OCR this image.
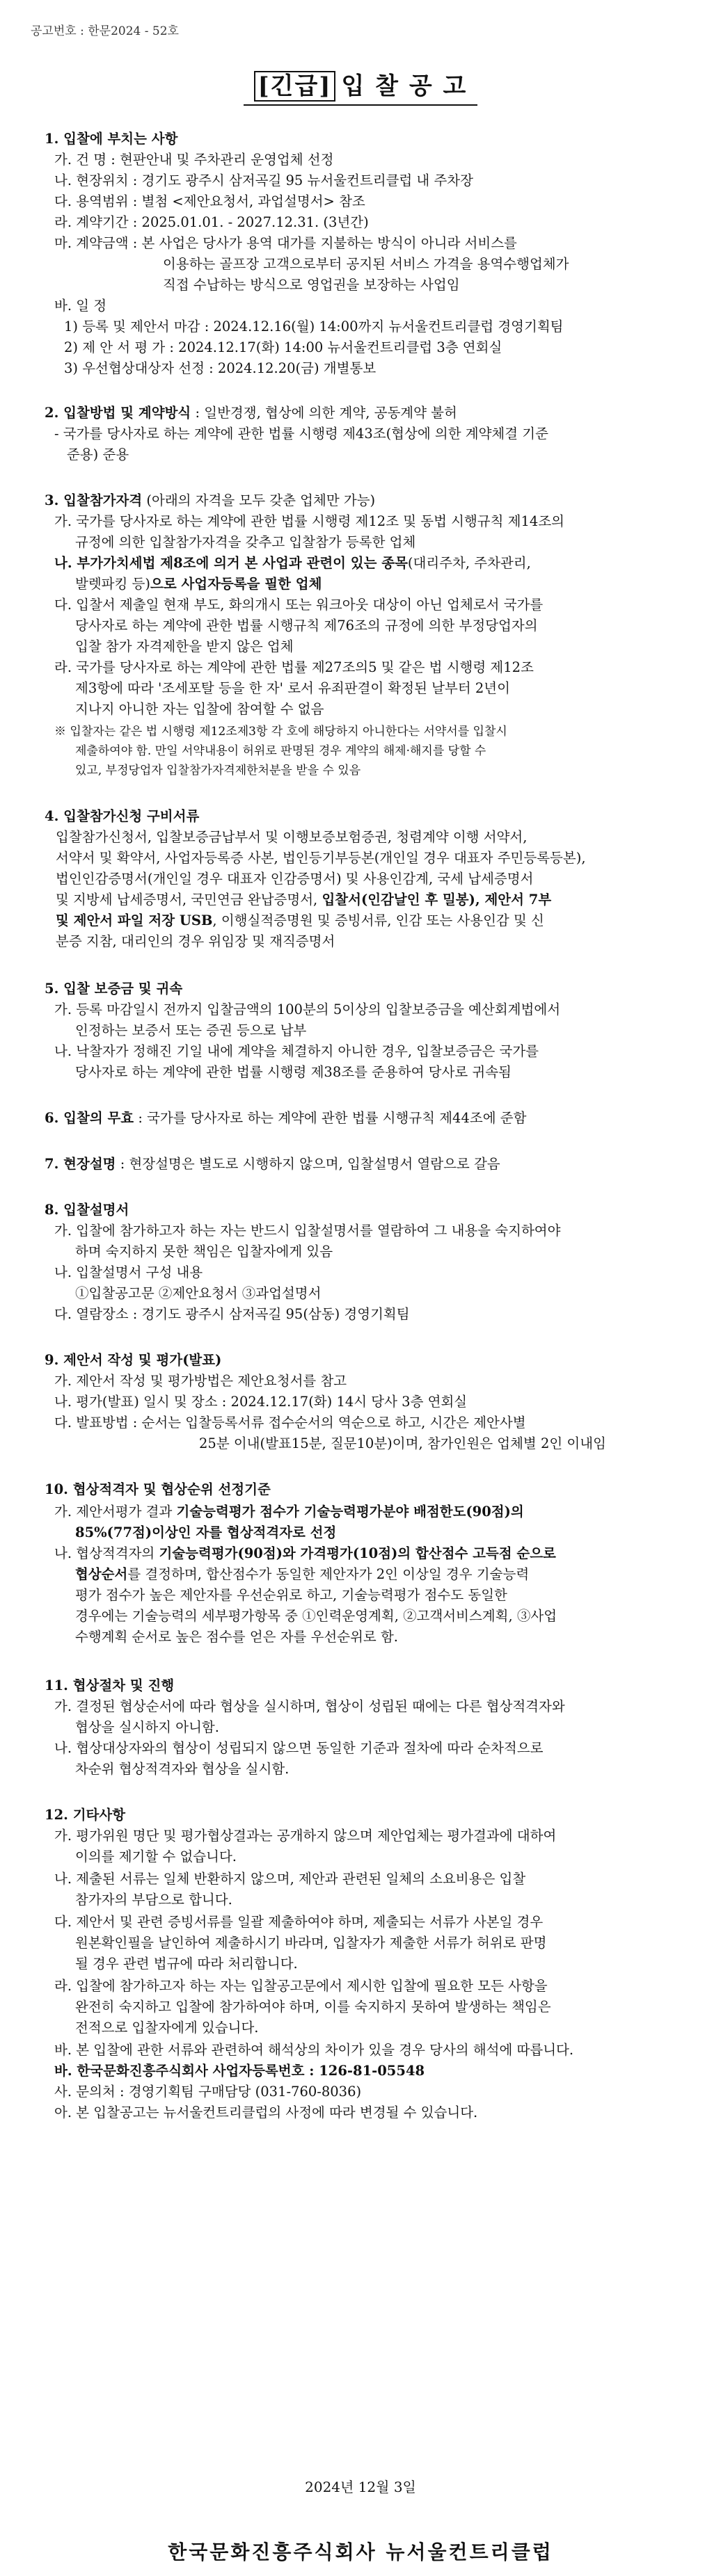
공고번호 : 한문2024 - 52호
[긴급] 입 찰 공 고
1. 입찰에 부치는 사항
가. 건 명 : 현판안내 및 주차관리 운영업체 선정
나. 현장위치 : 경기도 광주시 삼저곡길 95 뉴서울컨트리클럽 내 주차장
다. 용역범위 : 별첨 <제안요청서, 과업설명서> 참조
라. 계약기간 : 2025.01.01. - 2027.12.31. (3년간)
마. 계약금액 : 본 사업은 당사가 용역 대가를 지불하는 방식이 아니라 서비스를
이용하는 골프장 고객으로부터 공지된 서비스 가격을 용역수행업체가
직접 수납하는 방식으로 영업권을 보장하는 사업임
바. 일 정
1) 등록 및 제안서 마감 : 2024.12.16(월) 14:00까지 뉴서울컨트리클럽 경영기획팀
2) 제 안 서 평 가 : 2024.12.17(화) 14:00 뉴서울컨트리클럽 3층 연회실
3) 우선협상대상자 선정 : 2024.12.20(금) 개별통보
2. 입찰방법 및 계약방식 : 일반경쟁, 협상에 의한 계약, 공동계약 불허
- 국가를 당사자로 하는 계약에 관한 법률 시행령 제43조(협상에 의한 계약체결 기준
준용) 준용
3. 입찰참가자격 (아래의 자격을 모두 갖춘 업체만 가능)
가. 국가를 당사자로 하는 계약에 관한 법률 시행령 제12조 및 동법 시행규칙 제14조의
규정에 의한 입찰참가자격을 갖추고 입찰참가 등록한 업체
나. 부가가치세법 제8조에 의거 본 사업과 관련이 있는 종목(대리주차, 주차관리,
발렛파킹 등)으로 사업자등록을 필한 업체
다. 입찰서 제출일 현재 부도, 화의개시 또는 워크아웃 대상이 아닌 업체로서 국가를
당사자로 하는 계약에 관한 법률 시행규칙 제76조의 규정에 의한 부정당업자의
입찰 참가 자격제한을 받지 않은 업체
라. 국가를 당사자로 하는 계약에 관한 법률 제27조의5 및 같은 법 시행령 제12조
제3항에 따라 '조세포탈 등을 한 자' 로서 유죄판결이 확정된 날부터 2년이
지나지 아니한 자는 입찰에 참여할 수 없음
※ 입찰자는 같은 법 시행령 제12조제3항 각 호에 해당하지 아니한다는 서약서를 입찰시
제출하여야 함. 만일 서약내용이 허위로 판명된 경우 계약의 해제·해지를 당할 수
있고, 부정당업자 입찰참가자격제한처분을 받을 수 있음
4. 입찰참가신청 구비서류
입찰참가신청서, 입찰보증금납부서 및 이행보증보험증권, 청렴계약 이행 서약서,
서약서 및 확약서, 사업자등록증 사본, 법인등기부등본(개인일 경우 대표자 주민등록등본),
법인인감증명서(개인일 경우 대표자 인감증명서) 및 사용인감계, 국세 납세증명서
및 지방세 납세증명서, 국민연금 완납증명서, 입찰서(인감날인 후 밀봉), 제안서 7부
및 제안서 파일 저장 USB, 이행실적증명원 및 증빙서류, 인감 또는 사용인감 및 신
분증 지참, 대리인의 경우 위임장 및 재직증명서
5. 입찰 보증금 및 귀속
가. 등록 마감일시 전까지 입찰금액의 100분의 5이상의 입찰보증금을 예산회계법에서
인정하는 보증서 또는 증권 등으로 납부
나. 낙찰자가 정해진 기일 내에 계약을 체결하지 아니한 경우, 입찰보증금은 국가를
당사자로 하는 계약에 관한 법률 시행령 제38조를 준용하여 당사로 귀속됨
6. 입찰의 무효 : 국가를 당사자로 하는 계약에 관한 법률 시행규칙 제44조에 준함
7. 현장설명 : 현장설명은 별도로 시행하지 않으며, 입찰설명서 열람으로 갈음
8. 입찰설명서
가. 입찰에 참가하고자 하는 자는 반드시 입찰설명서를 열람하여 그 내용을 숙지하여야
하며 숙지하지 못한 책임은 입찰자에게 있음
나. 입찰설명서 구성 내용
①입찰공고문 ②제안요청서 ③과업설명서
다. 열람장소 : 경기도 광주시 삼저곡길 95(삼동) 경영기획팀
9. 제안서 작성 및 평가(발표)
가. 제안서 작성 및 평가방법은 제안요청서를 참고
나. 평가(발표) 일시 및 장소 : 2024.12.17(화) 14시 당사 3층 연회실
다. 발표방법 : 순서는 입찰등록서류 접수순서의 역순으로 하고, 시간은 제안사별
25분 이내(발표15분, 질문10분)이며, 참가인원은 업체별 2인 이내임
10. 협상적격자 및 협상순위 선정기준
가. 제안서평가 결과 기술능력평가 점수가 기술능력평가분야 배점한도(90점)의
85%(77점)이상인 자를 협상적격자로 선정
나. 협상적격자의 기술능력평가(90점)와 가격평가(10점)의 합산점수 고득점 순으로
협상순서를 결정하며, 합산점수가 동일한 제안자가 2인 이상일 경우 기술능력
평가 점수가 높은 제안자를 우선순위로 하고, 기술능력평가 점수도 동일한
경우에는 기술능력의 세부평가항목 중 ①인력운영계획, ②고객서비스계획, ③사업
수행계획 순서로 높은 점수를 얻은 자를 우선순위로 함.
11. 협상절차 및 진행
가. 결정된 협상순서에 따라 협상을 실시하며, 협상이 성립된 때에는 다른 협상적격자와
협상을 실시하지 아니함.
나. 협상대상자와의 협상이 성립되지 않으면 동일한 기준과 절차에 따라 순차적으로
차순위 협상적격자와 협상을 실시함.
12. 기타사항
가. 평가위원 명단 및 평가협상결과는 공개하지 않으며 제안업체는 평가결과에 대하여
이의를 제기할 수 없습니다.
나. 제출된 서류는 일체 반환하지 않으며, 제안과 관련된 일체의 소요비용은 입찰
참가자의 부담으로 합니다.
다. 제안서 및 관련 증빙서류를 일괄 제출하여야 하며, 제출되는 서류가 사본일 경우
원본확인필을 날인하여 제출하시기 바라며, 입찰자가 제출한 서류가 허위로 판명
될 경우 관련 법규에 따라 처리합니다.
라. 입찰에 참가하고자 하는 자는 입찰공고문에서 제시한 입찰에 필요한 모든 사항을
완전히 숙지하고 입찰에 참가하여야 하며, 이를 숙지하지 못하여 발생하는 책임은
전적으로 입찰자에게 있습니다.
바. 본 입찰에 관한 서류와 관련하여 해석상의 차이가 있을 경우 당사의 해석에 따릅니다.
바. 한국문화진흥주식회사 사업자등록번호 : 126-81-05548
사. 문의처 : 경영기획팀 구매담당 (031-760-8036)
아. 본 입찰공고는 뉴서울컨트리클럽의 사정에 따라 변경될 수 있습니다.
2024년 12월 3일
한국문화진흥주식회사 뉴서울컨트리클럽
